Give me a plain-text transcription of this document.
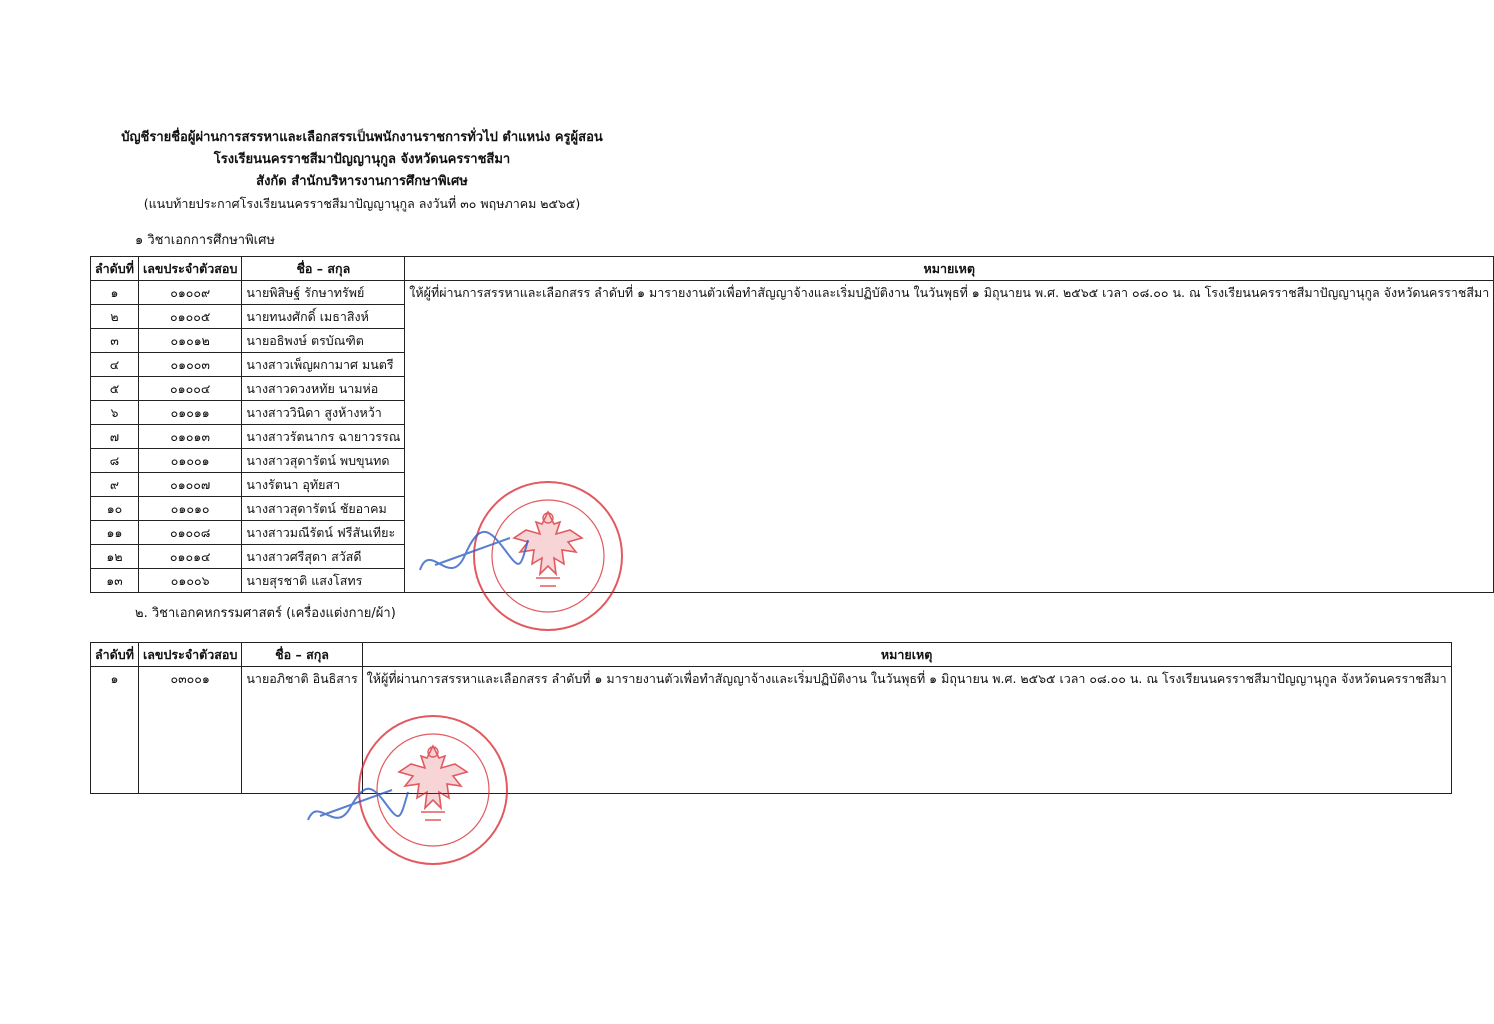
บัญชีรายชื่อผู้ผ่านการสรรหาและเลือกสรรเป็นพนักงานราชการทั่วไป ตำแหน่ง ครูผู้สอน
โรงเรียนนครราชสีมาปัญญานุกูล จังหวัดนครราชสีมา
สังกัด สำนักบริหารงานการศึกษาพิเศษ
(แนบท้ายประกาศโรงเรียนนครราชสีมาปัญญานุกูล ลงวันที่ ๓๐ พฤษภาคม ๒๕๖๕)
๑ วิชาเอกการศึกษาพิเศษ
ลำดับที่	เลขประจำตัวสอบ	ชื่อ – สกุล	หมายเหตุ
๑	๐๑๐๐๙	นายพิสิษฐ์ รักษาทรัพย์	ให้ผู้ที่ผ่านการสรรหาและเลือกสรร ลำดับที่ ๑ มารายงานตัวเพื่อทำสัญญาจ้างและเริ่มปฏิบัติงาน ในวันพุธที่ ๑ มิถุนายน พ.ศ. ๒๕๖๕ เวลา ๐๘.๐๐ น. ณ โรงเรียนนครราชสีมาปัญญานุกูล จังหวัดนครราชสีมา
๒	๐๑๐๐๕	นายทนงศักดิ์ เมธาสิงห์	
๓	๐๑๐๑๒	นายอธิพงษ์ ตรบัณฑิต	
๔	๐๑๐๐๓	นางสาวเพ็ญผกามาศ มนตรี	
๕	๐๑๐๐๔	นางสาวดวงหทัย นามห่อ	
๖	๐๑๐๑๑	นางสาววินิดา สูงห้างหว้า	
๗	๐๑๐๑๓	นางสาวรัตนากร ฉายาวรรณ	
๘	๐๑๐๐๑	นางสาวสุดารัตน์ พบขุนทด	
๙	๐๑๐๐๗	นางรัตนา อุทัยสา	
๑๐	๐๑๐๑๐	นางสาวสุดารัตน์ ชัยอาคม	
๑๑	๐๑๐๐๘	นางสาวมณีรัตน์ ฟรีสันเทียะ	
๑๒	๐๑๐๑๔	นางสาวศรีสุดา สวัสดี	
๑๓	๐๑๐๐๖	นายสุรชาติ แสงโสทร	
๒. วิชาเอกคหกรรมศาสตร์ (เครื่องแต่งกาย/ผ้า)
ลำดับที่	เลขประจำตัวสอบ	ชื่อ – สกุล	หมายเหตุ
๑	๐๓๐๐๑	นายอภิชาติ อินธิสาร	ให้ผู้ที่ผ่านการสรรหาและเลือกสรร ลำดับที่ ๑ มารายงานตัวเพื่อทำสัญญาจ้างและเริ่มปฏิบัติงาน ในวันพุธที่ ๑ มิถุนายน พ.ศ. ๒๕๖๕ เวลา ๐๘.๐๐ น. ณ โรงเรียนนครราชสีมาปัญญานุกูล จังหวัดนครราชสีมา
